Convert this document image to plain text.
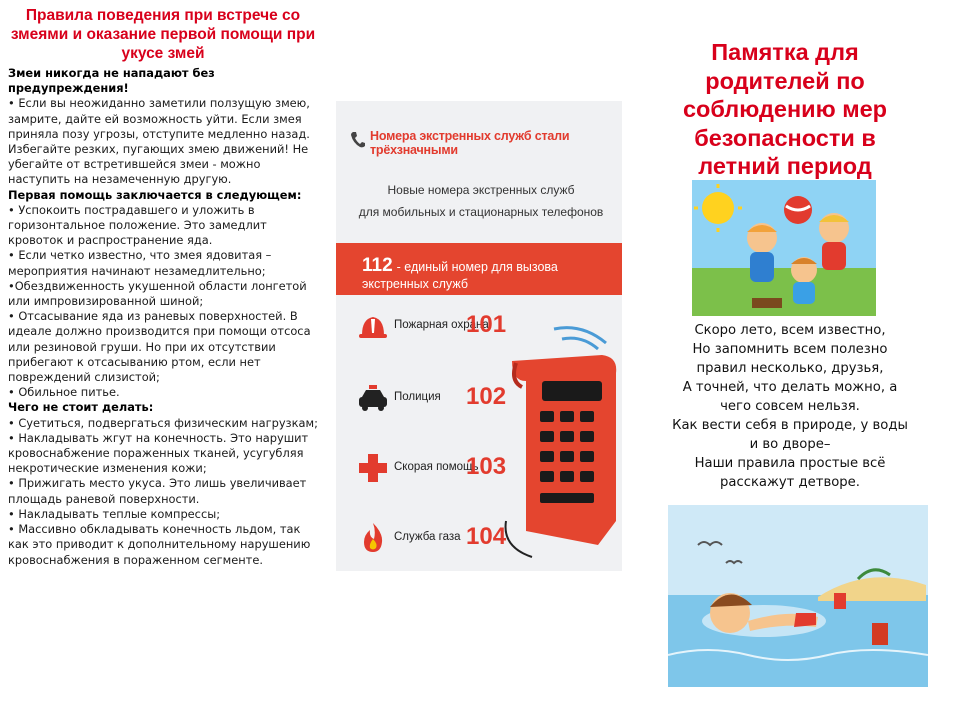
Правила поведения при встрече со змеями и оказание первой помощи при укусе змей

Змеи никогда не нападают без предупреждения!

• Если вы неожиданно заметили ползущую змею, замрите, дайте ей возможность уйти. Если змея приняла позу угрозы, отступите медленно назад. Избегайте резких, пугающих змею движений! Не убегайте от встретившейся змеи - можно наступить на незамеченную другую.

Первая помощь заключается в следующем:

• Успокоить пострадавшего и уложить в горизонтальное положение. Это замедлит кровоток и распространение яда.

• Если четко известно, что змея ядовитая – мероприятия начинают незамедлительно;

•Обездвиженность укушенной области лонгетой или импровизированной шиной;

• Отсасывание яда из раневых поверхностей. В идеале должно производится при помощи отсоса или резиновой груши. Но при их отсутствии прибегают к отсасыванию ртом, если нет повреждений слизистой;

• Обильное питье.

Чего не стоит делать:

• Суетиться, подвергаться физическим нагрузкам;

• Накладывать жгут на конечность. Это нарушит кровоснабжение пораженных тканей, усугубляя некротические изменения кожи;

• Прижигать место укуса. Это лишь увеличивает площадь раневой поверхности.

• Накладывать теплые компрессы;

• Массивно обкладывать конечность льдом, так как это приводит к дополнительному нарушению кровоснабжения в пораженном сегменте.

Номера экстренных служб стали трёхзначными
Новые номера экстренных служб
для мобильных и стационарных телефонов
112 - единый номер для вызова экстренных служб
Пожарная охрана
101
Полиция 102
Скорая помощь
103
Служба газа 104
Памятка для родителей по соблюдению мер безопасности в летний период

Скоро лето, всем известно,

Но запомнить всем полезно

правил несколько, друзья,

А точней, что делать можно, а

чего совсем нельзя.

Как вести себя в природе, у воды

и во дворе–

Наши правила простые всё

расскажут детворе.
